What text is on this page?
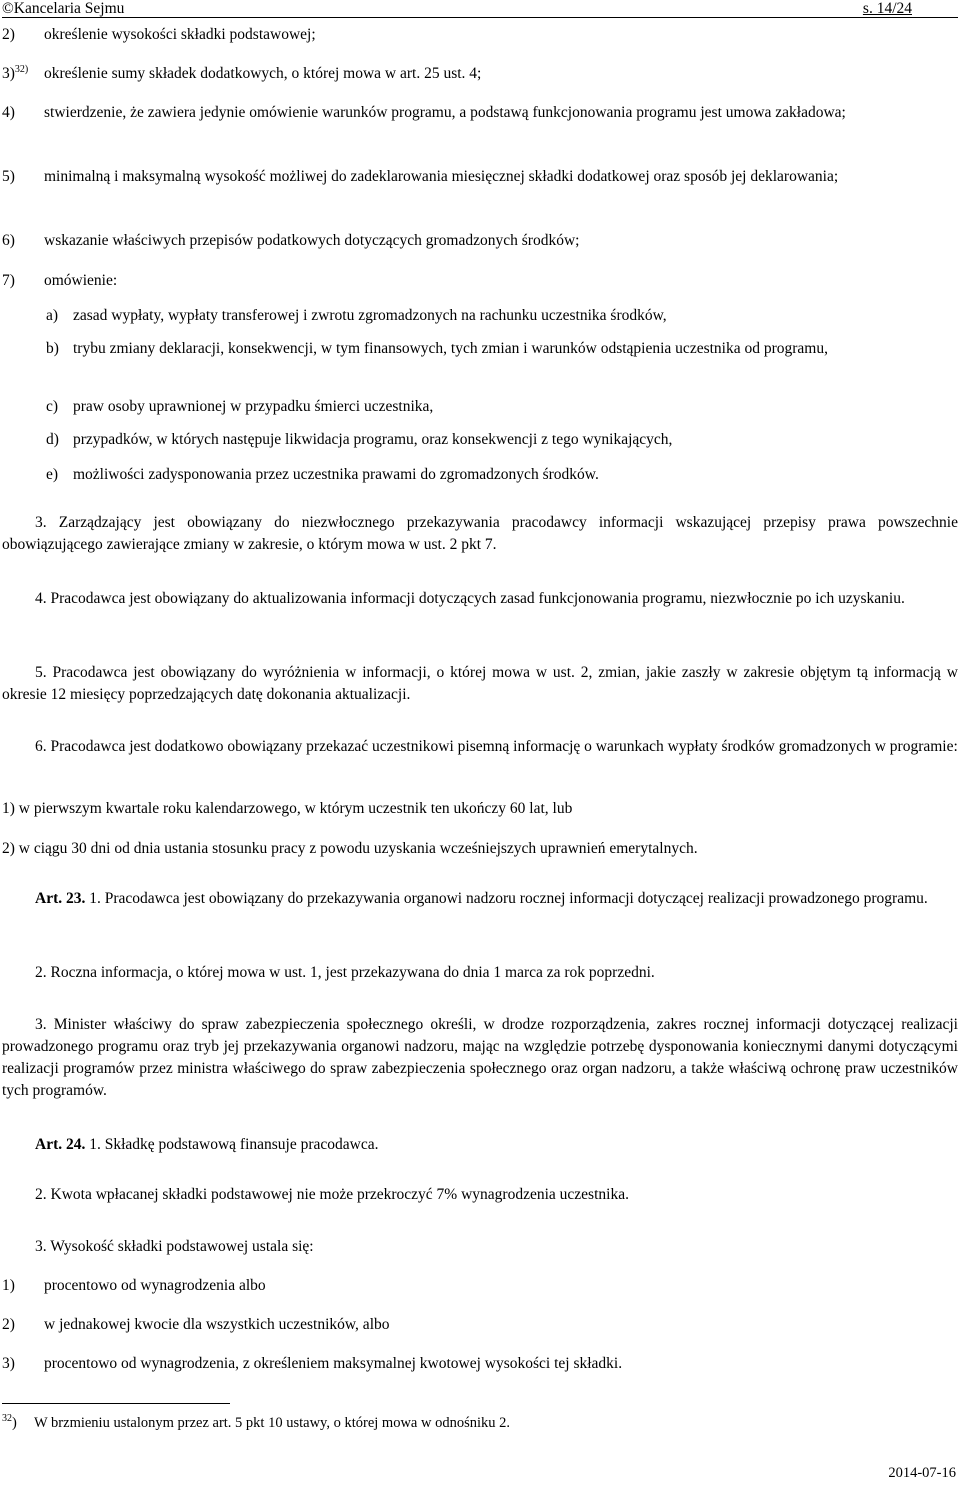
©Kancelaria Sejmu	s. 14/24
2) określenie wysokości składki podstawowej;
3)$^{32)}$ określenie sumy składek dodatkowych, o której mowa w art. 25 ust. 4;
4) stwierdzenie, że zawiera jedynie omówienie warunków programu, a podstawą funkcjonowania programu jest umowa zakładowa;
5) minimalną i maksymalną wysokość możliwej do zadeklarowania miesięcznej składki dodatkowej oraz sposób jej deklarowania;
6) wskazanie właściwych przepisów podatkowych dotyczących gromadzonych środków;
7) omówienie:
a) zasad wypłaty, wypłaty transferowej i zwrotu zgromadzonych na rachunku uczestnika środków,
b) trybu zmiany deklaracji, konsekwencji, w tym finansowych, tych zmian i warunków odstąpienia uczestnika od programu,
c) praw osoby uprawnionej w przypadku śmierci uczestnika,
d) przypadków, w których następuje likwidacja programu, oraz konsekwencji z tego wynikających,
e) możliwości zadysponowania przez uczestnika prawami do zgromadzonych środków.
3. Zarządzający jest obowiązany do niezwłocznego przekazywania pracodawcy informacji wskazującej przepisy prawa powszechnie obowiązującego zawierające zmiany w zakresie, o którym mowa w ust. 2 pkt 7.
4. Pracodawca jest obowiązany do aktualizowania informacji dotyczących zasad funkcjonowania programu, niezwłocznie po ich uzyskaniu.
5. Pracodawca jest obowiązany do wyróżnienia w informacji, o której mowa w ust. 2, zmian, jakie zaszły w zakresie objętym tą informacją w okresie 12 miesięcy poprzedzających datę dokonania aktualizacji.
6. Pracodawca jest dodatkowo obowiązany przekazać uczestnikowi pisemną informację o warunkach wypłaty środków gromadzonych w programie:
1) w pierwszym kwartale roku kalendarzowego, w którym uczestnik ten ukończy 60 lat, lub
2) w ciągu 30 dni od dnia ustania stosunku pracy z powodu uzyskania wcześniejszych uprawnień emerytalnych.
Art. 23. 1. Pracodawca jest obowiązany do przekazywania organowi nadzoru rocznej informacji dotyczącej realizacji prowadzonego programu.
2. Roczna informacja, o której mowa w ust. 1, jest przekazywana do dnia 1 marca za rok poprzedni.
3. Minister właściwy do spraw zabezpieczenia społecznego określi, w drodze rozporządzenia, zakres rocznej informacji dotyczącej realizacji prowadzonego programu oraz tryb jej przekazywania organowi nadzoru, mając na względzie potrzebę dysponowania koniecznymi danymi dotyczącymi realizacji programów przez ministra właściwego do spraw zabezpieczenia społecznego oraz organ nadzoru, a także właściwą ochronę praw uczestników tych programów.
Art. 24. 1. Składkę podstawową finansuje pracodawca.
2. Kwota wpłacanej składki podstawowej nie może przekroczyć 7% wynagrodzenia uczestnika.
3. Wysokość składki podstawowej ustala się:
1) procentowo od wynagrodzenia albo
2) w jednakowej kwocie dla wszystkich uczestników, albo
3) procentowo od wynagrodzenia, z określeniem maksymalnej kwotowej wysokości tej składki.
$^{32}$) W brzmieniu ustalonym przez art. 5 pkt 10 ustawy, o której mowa w odnośniku 2.
2014-07-16
